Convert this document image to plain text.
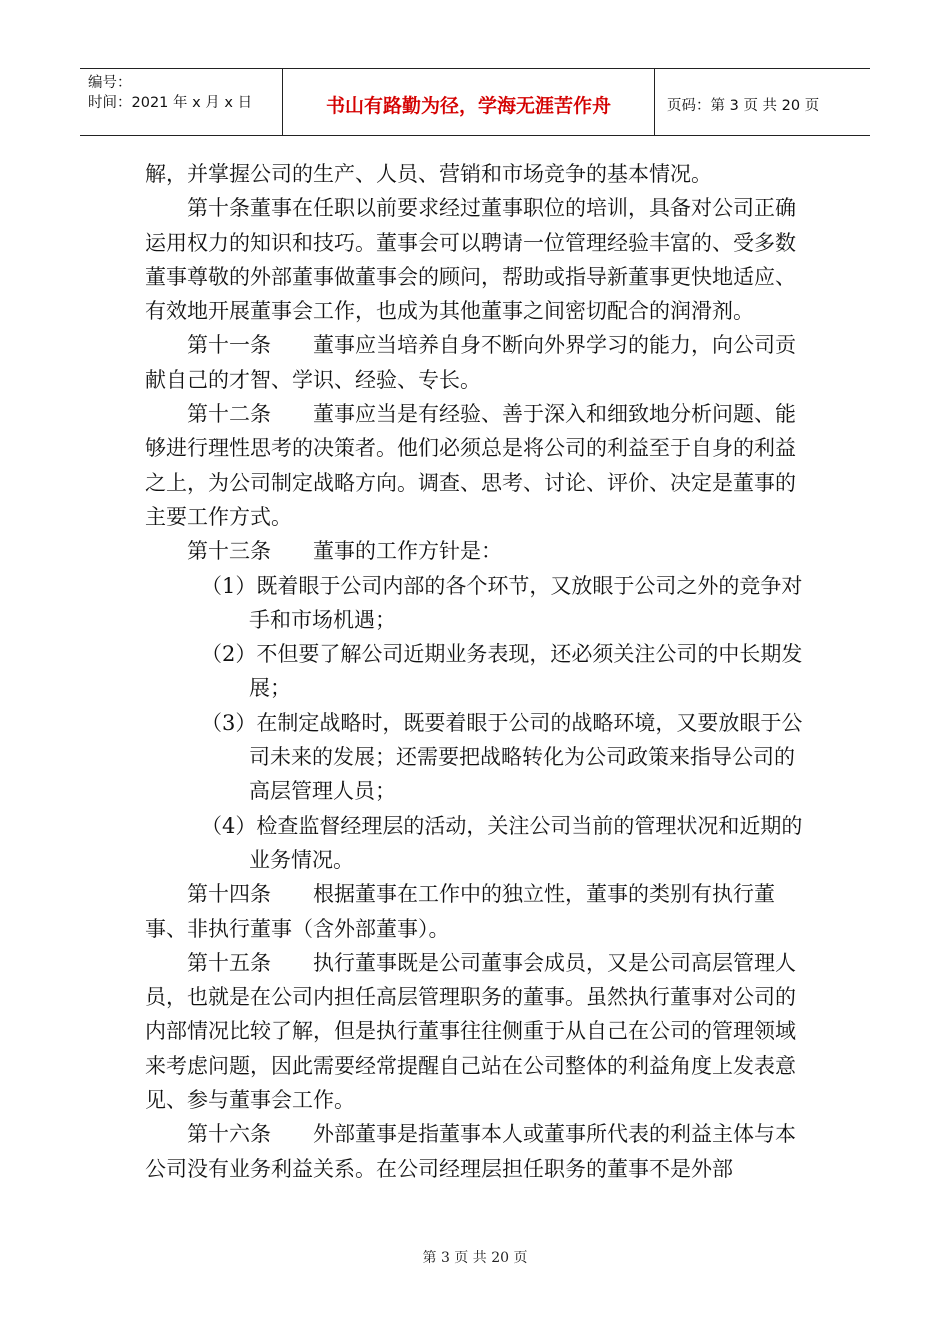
编号：
时间：2021 年 x 月 x 日	书山有路勤为径，学海无涯苦作舟	页码：第 3 页 共 20 页

解，并掌握公司的生产、人员、营销和市场竞争的基本情况。

第十条董事在任职以前要求经过董事职位的培训，具备对公司正确运用权力的知识和技巧。董事会可以聘请一位管理经验丰富的、受多数董事尊敬的外部董事做董事会的顾问，帮助或指导新董事更快地适应、有效地开展董事会工作，也成为其他董事之间密切配合的润滑剂。

第十一条　　董事应当培养自身不断向外界学习的能力，向公司贡献自己的才智、学识、经验、专长。

第十二条　　董事应当是有经验、善于深入和细致地分析问题、能够进行理性思考的决策者。他们必须总是将公司的利益至于自身的利益之上，为公司制定战略方向。调查、思考、讨论、评价、决定是董事的主要工作方式。

第十三条　　董事的工作方针是：

（1）既着眼于公司内部的各个环节，又放眼于公司之外的竞争对手和市场机遇；

（2）不但要了解公司近期业务表现，还必须关注公司的中长期发展；

（3）在制定战略时，既要着眼于公司的战略环境，又要放眼于公司未来的发展；还需要把战略转化为公司政策来指导公司的高层管理人员；

（4）检查监督经理层的活动，关注公司当前的管理状况和近期的业务情况。

第十四条　　根据董事在工作中的独立性，董事的类别有执行董事、非执行董事（含外部董事）。

第十五条　　执行董事既是公司董事会成员，又是公司高层管理人员，也就是在公司内担任高层管理职务的董事。虽然执行董事对公司的内部情况比较了解，但是执行董事往往侧重于从自己在公司的管理领域来考虑问题，因此需要经常提醒自己站在公司整体的利益角度上发表意见、参与董事会工作。

第十六条　　外部董事是指董事本人或董事所代表的利益主体与本公司没有业务利益关系。在公司经理层担任职务的董事不是外部

第 3 页 共 20 页
